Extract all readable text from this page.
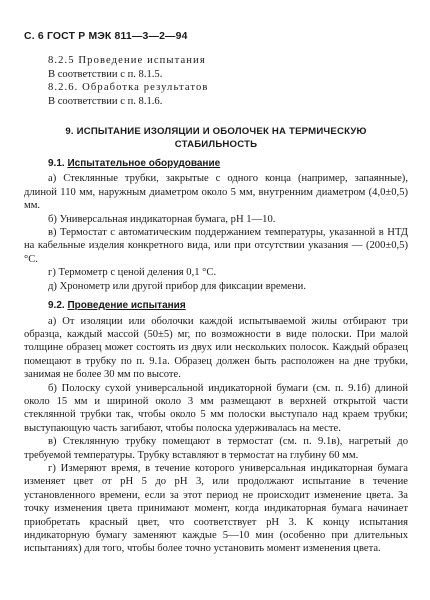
С. 6 ГОСТ Р МЭК 811—3—2—94
8.2.5 Проведение испытания
В соответствии с п. 8.1.5.
8.2.6. Обработка результатов
В соответствии с п. 8.1.6.
9. ИСПЫТАНИЕ ИЗОЛЯЦИИ И ОБОЛОЧЕК НА ТЕРМИЧЕСКУЮ
СТАБИЛЬНОСТЬ
9.1. Испытательное оборудование

а) Стеклянные трубки, закрытые с одного конца (например, запаянные), длиной 110 мм, наружным диаметром около 5 мм, внутренним диаметром (4,0±0,5) мм.

б) Универсальная индикаторная бумага, pH 1—10.

в) Термостат с автоматическим поддержанием температуры, указанной в НТД на кабельные изделия конкретного вида, или при отсутствии указания — (200±0,5) °С.

г) Термометр с ценой деления 0,1 °С.

д) Хронометр или другой прибор для фиксации времени.

9.2. Проведение испытания

а) От изоляции или оболочки каждой испытываемой жилы отбирают три образца, каждый массой (50±5) мг, по возможности в виде полоски. При малой толщине образец может состоять из двух или нескольких полосок. Каждый образец помещают в трубку по п. 9.1а. Образец должен быть расположен на дне трубки, занимая не более 30 мм по высоте.

б) Полоску сухой универсальной индикаторной бумаги (см. п. 9.1б) длиной около 15 мм и шириной около 3 мм размещают в верхней открытой части стеклянной трубки так, чтобы около 5 мм полоски выступало над краем трубки; выступающую часть загибают, чтобы полоска удерживалась на месте.

в) Стеклянную трубку помещают в термостат (см. п. 9.1в), нагретый до требуемой температуры. Трубку вставляют в термостат на глубину 60 мм.

г) Измеряют время, в течение которого универсальная индикаторная бумага изменяет цвет от pH 5 до pH 3, или продолжают испытание в течение установленного времени, если за этот период не происходит изменение цвета. За точку изменения цвета принимают момент, когда индикаторная бумага начинает приобретать красный цвет, что соответствует pH 3. К концу испытания индикаторную бумагу заменяют каждые 5—10 мин (особенно при длительных испытаниях) для того, чтобы более точно установить момент изменения цвета.
